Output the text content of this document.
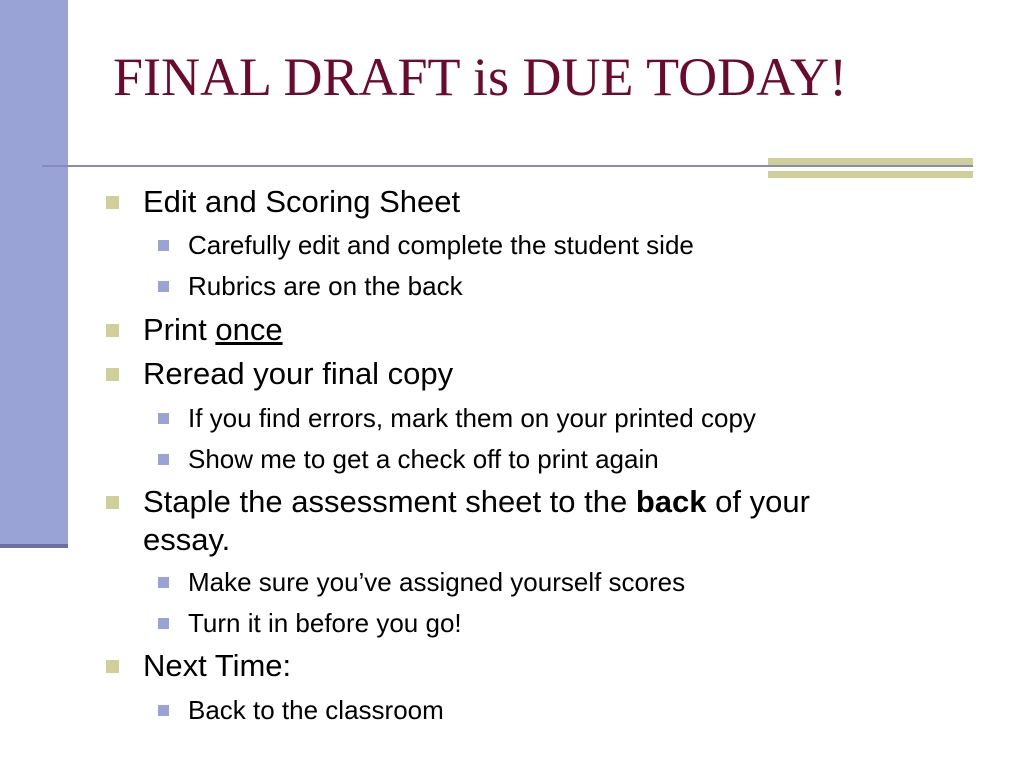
FINAL DRAFT is DUE TODAY!
Edit and Scoring Sheet
Carefully edit and complete the student side
Rubrics are on the back
Print once
Reread your final copy
If you find errors, mark them on your printed copy
Show me to get a check off to print again
Staple the assessment sheet to the back of your
essay.
Make sure you’ve assigned yourself scores
Turn it in before you go!
Next Time:
Back to the classroom
